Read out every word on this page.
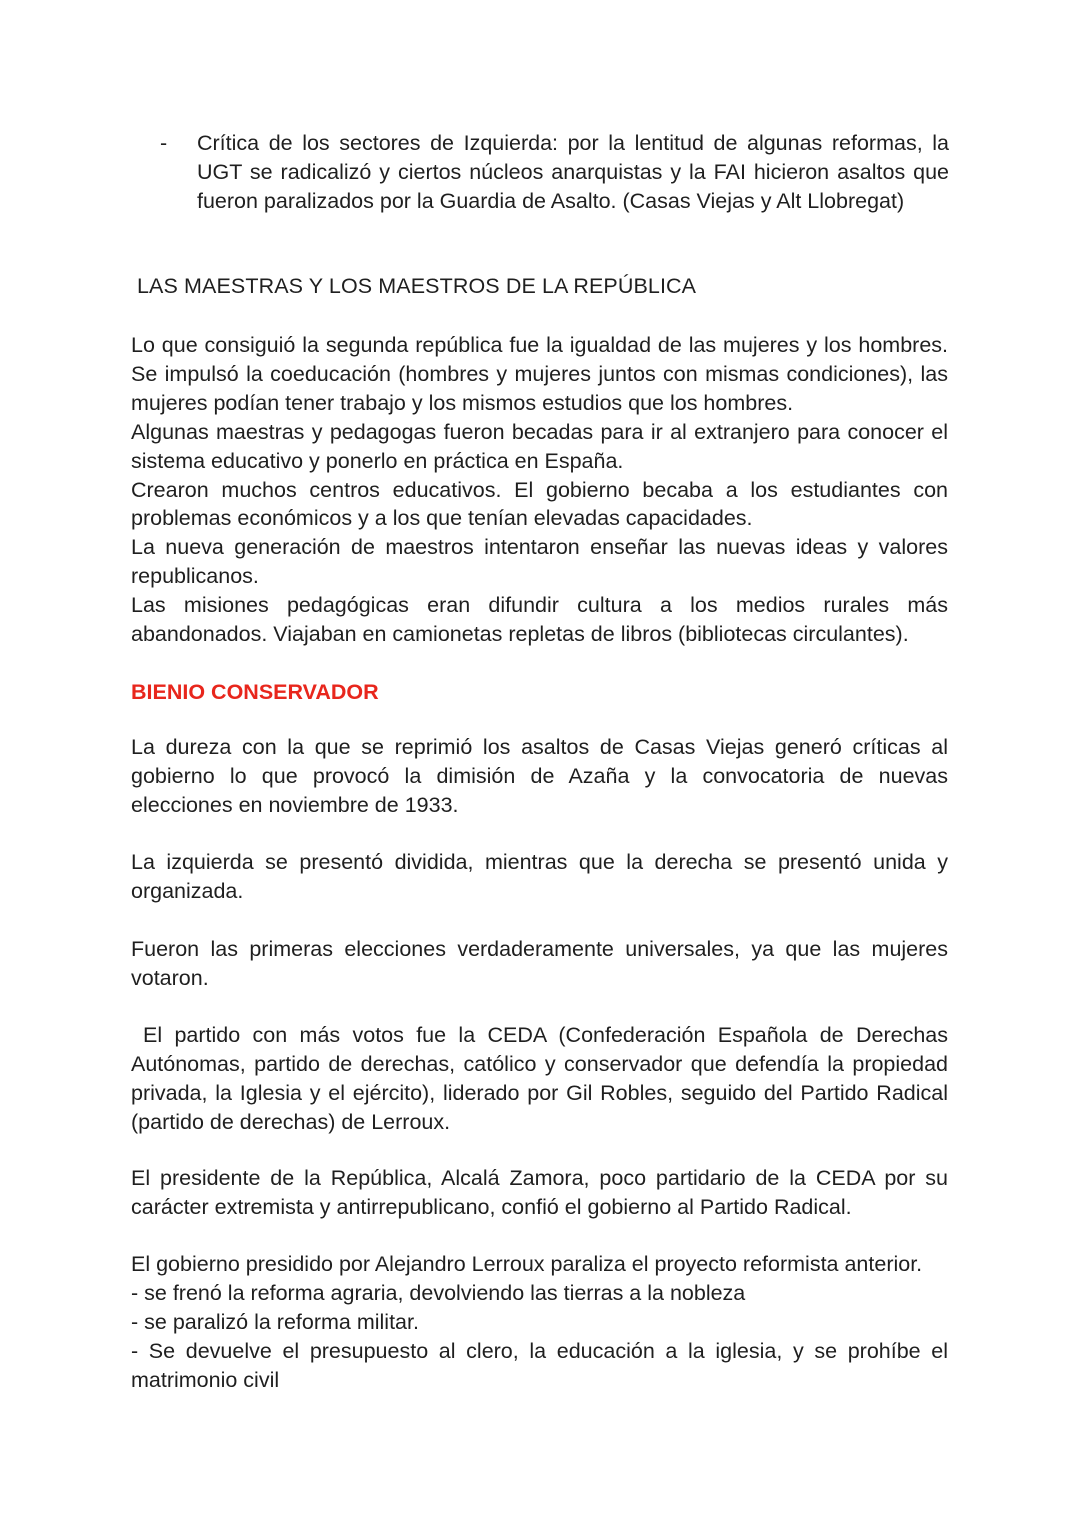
- Crítica de los sectores de Izquierda: por la lentitud de algunas reformas, la
UGT se radicalizó y ciertos núcleos anarquistas y la FAI hicieron asaltos que
fueron paralizados por la Guardia de Asalto. (Casas Viejas y Alt Llobregat)
LAS MAESTRAS Y LOS MAESTROS DE LA REPÚBLICA
Lo que consiguió la segunda república fue la igualdad de las mujeres y los hombres.
Se impulsó la coeducación (hombres y mujeres juntos con mismas condiciones), las
mujeres podían tener trabajo y los mismos estudios que los hombres.
Algunas maestras y pedagogas fueron becadas para ir al extranjero para conocer el
sistema educativo y ponerlo en práctica en España.
Crearon muchos centros educativos. El gobierno becaba a los estudiantes con
problemas económicos y a los que tenían elevadas capacidades.
La nueva generación de maestros intentaron enseñar las nuevas ideas y valores
republicanos.
Las misiones pedagógicas eran difundir cultura a los medios rurales más
abandonados. Viajaban en camionetas repletas de libros (bibliotecas circulantes).
BIENIO CONSERVADOR
La dureza con la que se reprimió los asaltos de Casas Viejas generó críticas al
gobierno lo que provocó la dimisión de Azaña y la convocatoria de nuevas
elecciones en noviembre de 1933.
La izquierda se presentó dividida, mientras que la derecha se presentó unida y
organizada.
Fueron las primeras elecciones verdaderamente universales, ya que las mujeres
votaron.
El partido con más votos fue la CEDA (Confederación Española de Derechas
Autónomas, partido de derechas, católico y conservador que defendía la propiedad
privada, la Iglesia y el ejército), liderado por Gil Robles, seguido del Partido Radical
(partido de derechas) de Lerroux.
El presidente de la República, Alcalá Zamora, poco partidario de la CEDA por su
carácter extremista y antirrepublicano, confió el gobierno al Partido Radical.
El gobierno presidido por Alejandro Lerroux paraliza el proyecto reformista anterior.
- se frenó la reforma agraria, devolviendo las tierras a la nobleza
- se paralizó la reforma militar.
- Se devuelve el presupuesto al clero, la educación a la iglesia, y se prohíbe el
matrimonio civil
